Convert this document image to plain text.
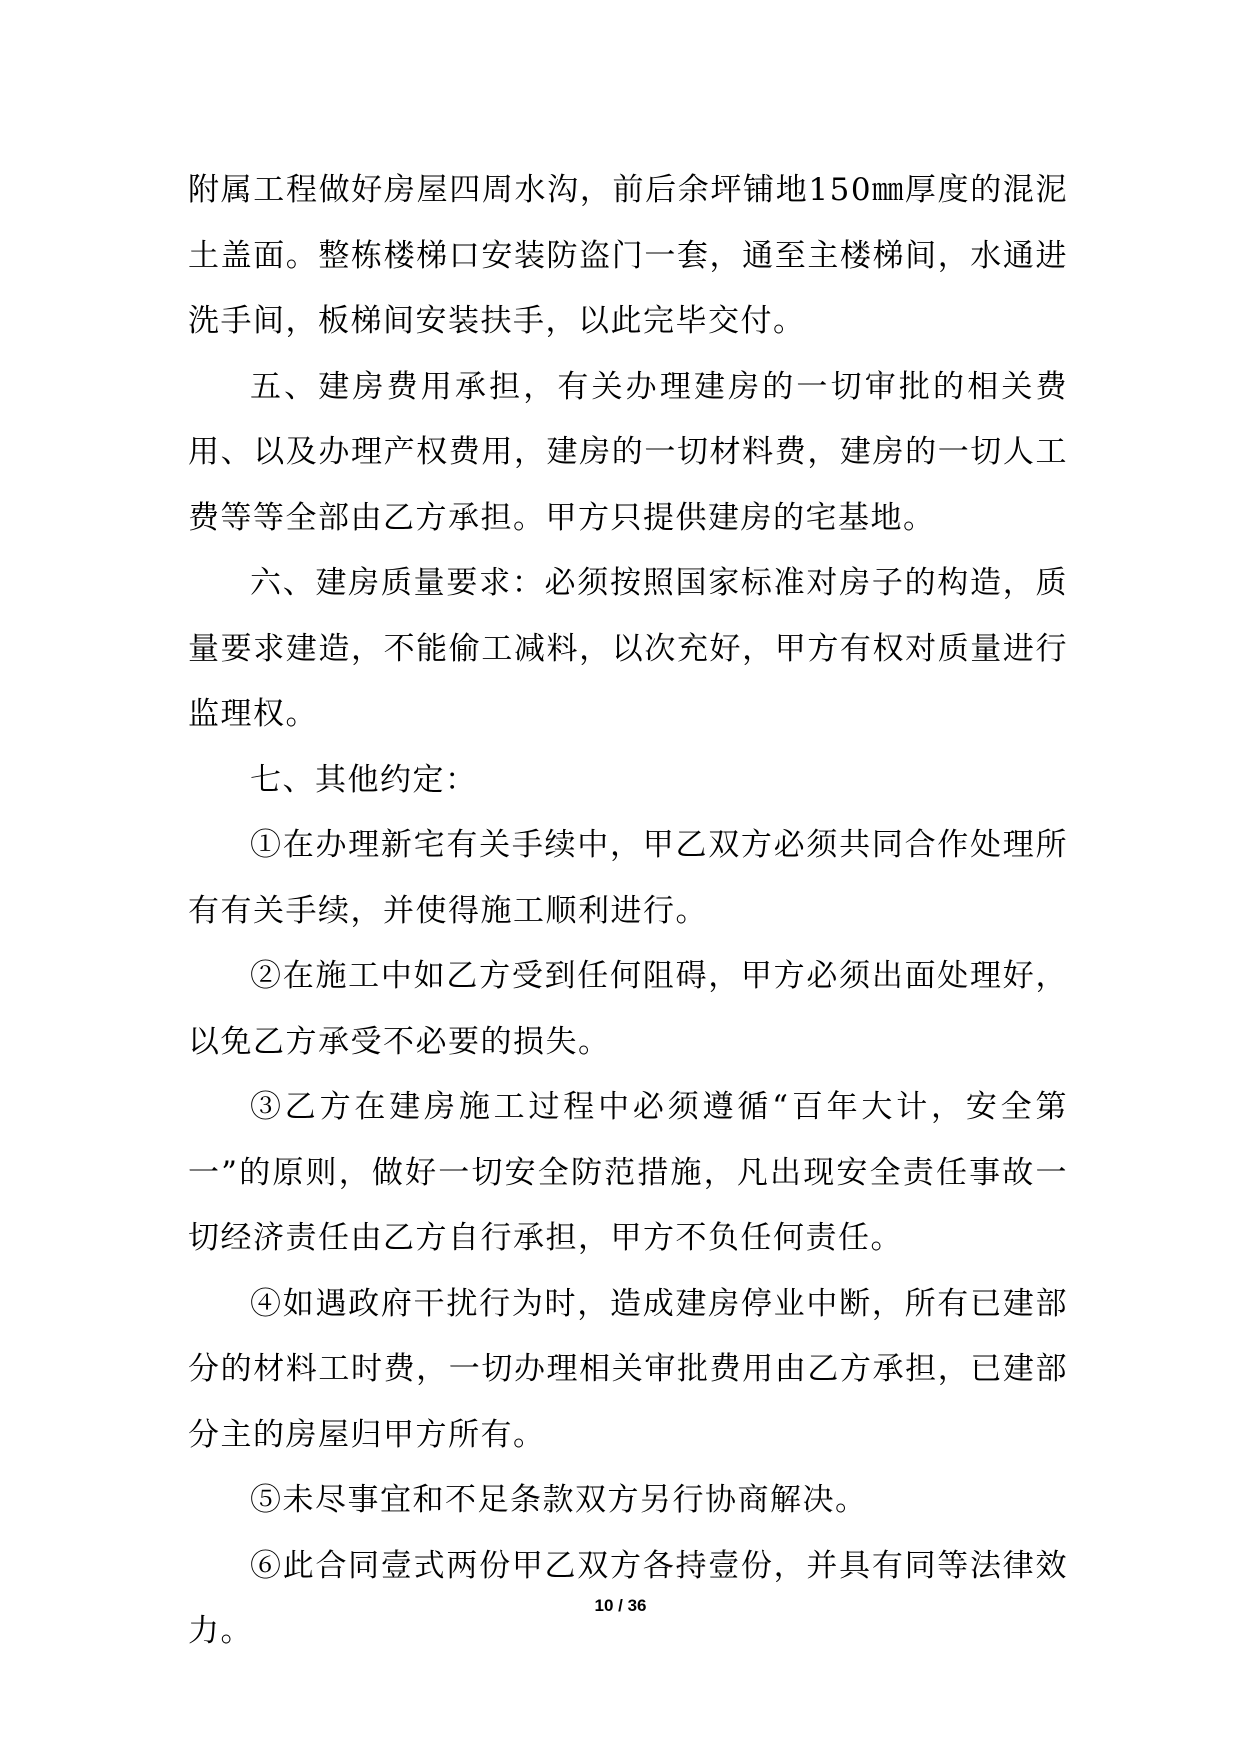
附属工程做好房屋四周水沟，前后余坪铺地150㎜厚度的混泥土盖面。整栋楼梯口安装防盗门一套，通至主楼梯间，水通进洗手间，板梯间安装扶手，以此完毕交付。

五、建房费用承担，有关办理建房的一切审批的相关费用、以及办理产权费用，建房的一切材料费，建房的一切人工费等等全部由乙方承担。甲方只提供建房的宅基地。

六、建房质量要求：必须按照国家标准对房子的构造，质量要求建造，不能偷工减料，以次充好，甲方有权对质量进行监理权。

七、其他约定：

①在办理新宅有关手续中，甲乙双方必须共同合作处理所有有关手续，并使得施工顺利进行。

②在施工中如乙方受到任何阻碍，甲方必须出面处理好，以免乙方承受不必要的损失。

③乙方在建房施工过程中必须遵循“百年大计，安全第一”的原则，做好一切安全防范措施，凡出现安全责任事故一切经济责任由乙方自行承担，甲方不负任何责任。

④如遇政府干扰行为时，造成建房停业中断，所有已建部分的材料工时费，一切办理相关审批费用由乙方承担，已建部分主的房屋归甲方所有。

⑤未尽事宜和不足条款双方另行协商解决。

⑥此合同壹式两份甲乙双方各持壹份，并具有同等法律效力。

10 / 36
